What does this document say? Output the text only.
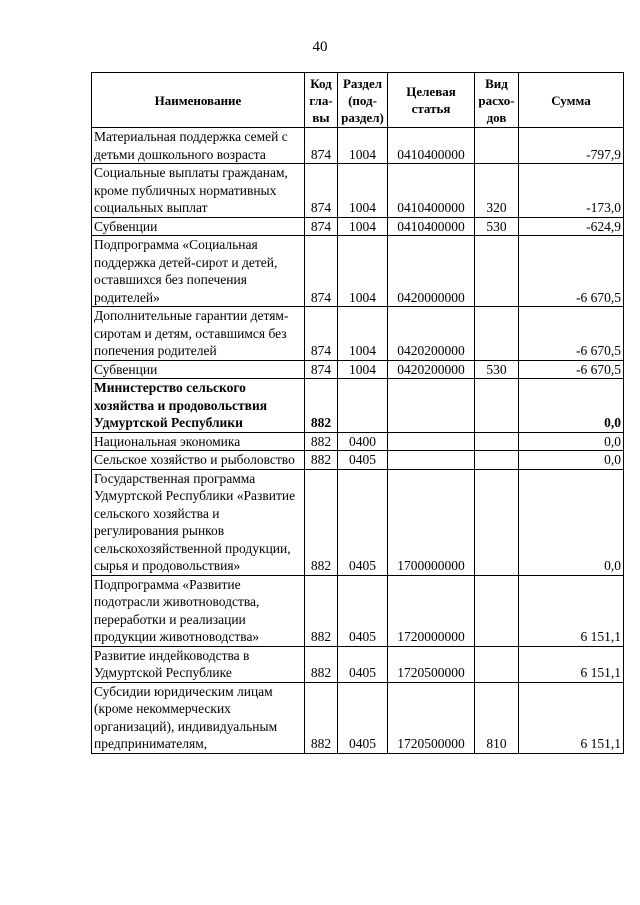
40
Наименование	Код гла-вы	Раздел (под-раздел)	Целевая статья	Вид расхо-дов	Сумма
Материальная поддержка семей с детьми дошкольного возраста	874	1004	0410400000		-797,9
Социальные выплаты гражданам, кроме публичных нормативных социальных выплат	874	1004	0410400000	320	-173,0
Субвенции	874	1004	0410400000	530	-624,9
Подпрограмма «Социальная поддержка детей-сирот и детей, оставшихся без попечения родителей»	874	1004	0420000000		-6 670,5
Дополнительные гарантии детям-сиротам и детям, оставшимся без попечения родителей	874	1004	0420200000		-6 670,5
Субвенции	874	1004	0420200000	530	-6 670,5
Министерство сельского хозяйства и продовольствия Удмуртской Республики	882				0,0
Национальная экономика	882	0400			0,0
Сельское хозяйство и рыболовство	882	0405			0,0
Государственная программа Удмуртской Республики «Развитие сельского хозяйства и регулирования рынков сельскохозяйственной продукции, сырья и продовольствия»	882	0405	1700000000		0,0
Подпрограмма «Развитие подотрасли животноводства, переработки и реализации продукции животноводства»	882	0405	1720000000		6 151,1
Развитие индейководства в Удмуртской Республике	882	0405	1720500000		6 151,1
Субсидии юридическим лицам (кроме некоммерческих организаций), индивидуальным предпринимателям,	882	0405	1720500000	810	6 151,1
